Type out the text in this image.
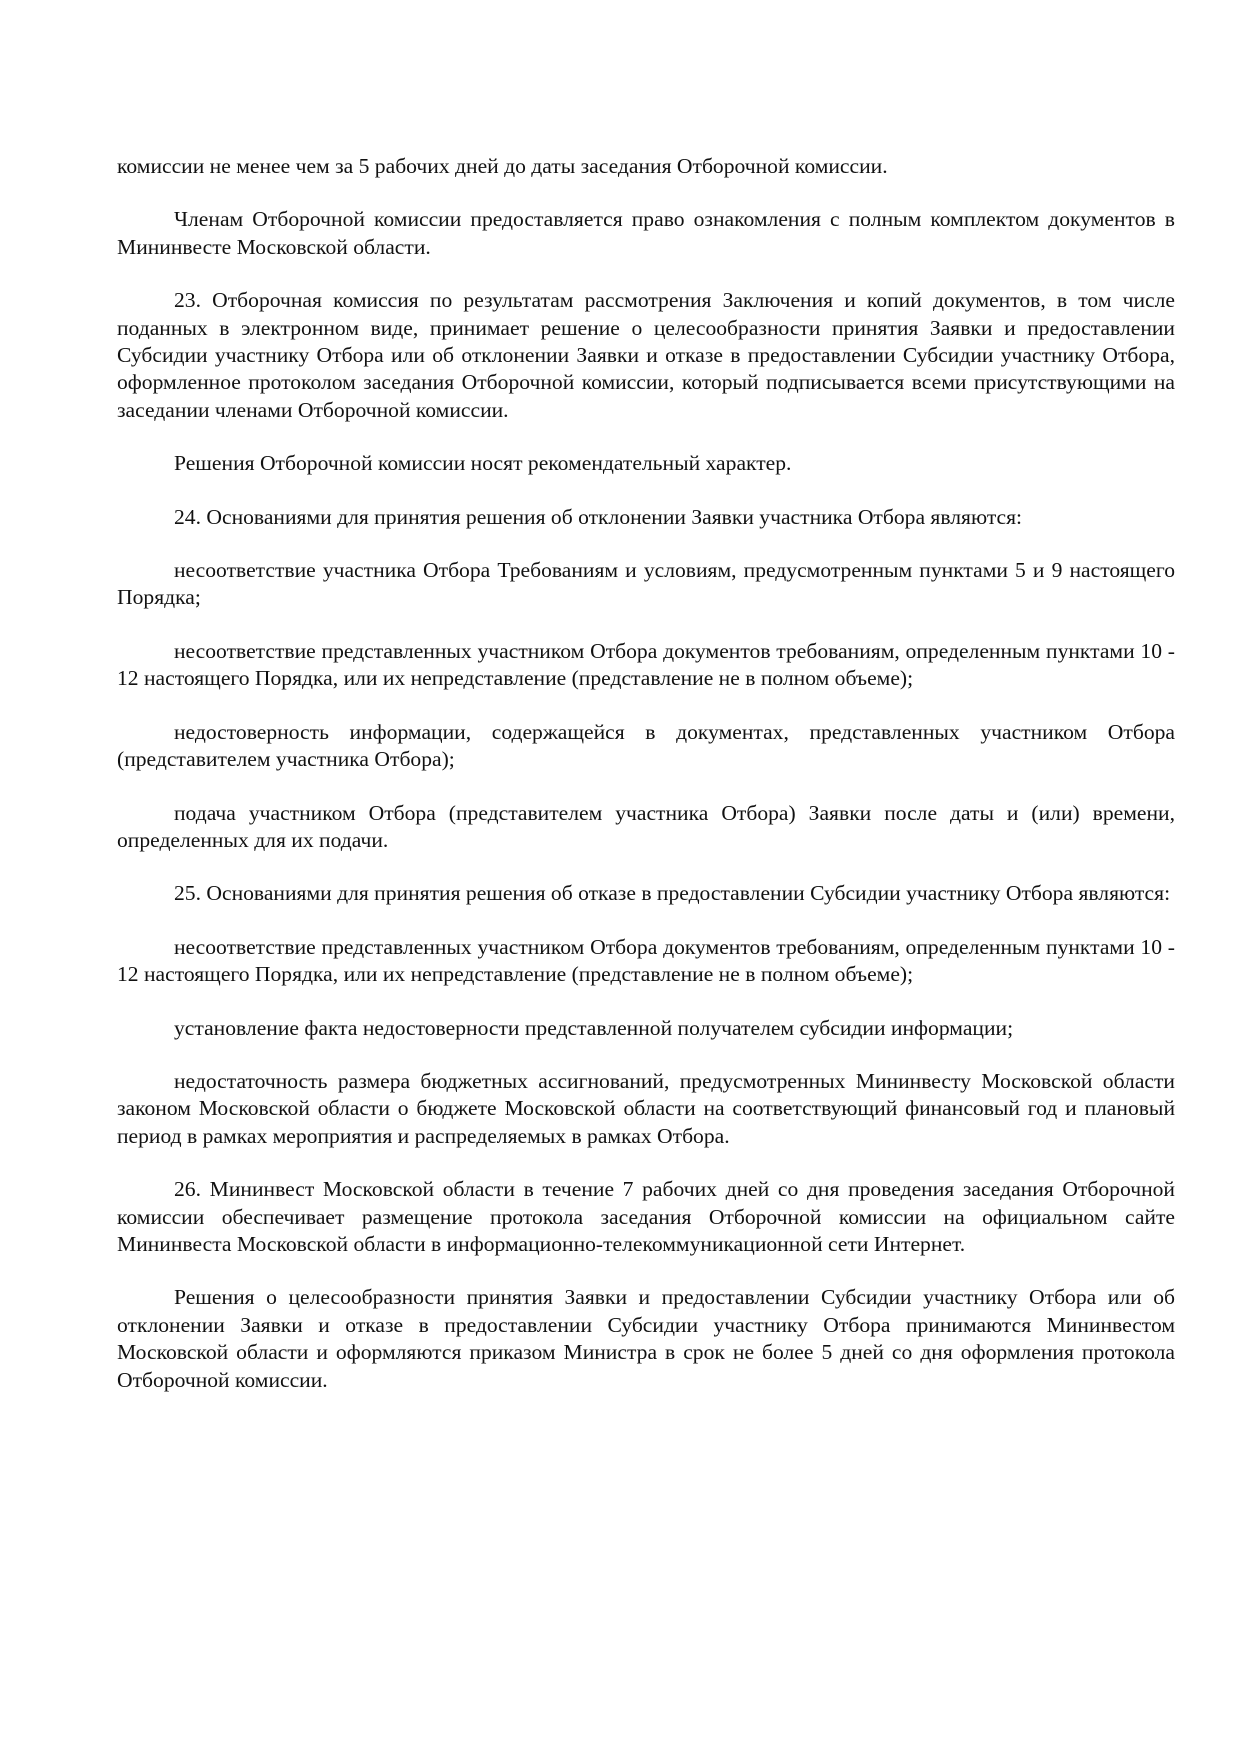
комиссии не менее чем за 5 рабочих дней до даты заседания Отборочной комиссии.

Членам Отборочной комиссии предоставляется право ознакомления с полным комплектом документов в Мининвесте Московской области.

23. Отборочная комиссия по результатам рассмотрения Заключения и копий документов, в том числе поданных в электронном виде, принимает решение о целесообразности принятия Заявки и предоставлении Субсидии участнику Отбора или об отклонении Заявки и отказе в предоставлении Субсидии участнику Отбора, оформленное протоколом заседания Отборочной комиссии, который подписывается всеми присутствующими на заседании членами Отборочной комиссии.

Решения Отборочной комиссии носят рекомендательный характер.

24. Основаниями для принятия решения об отклонении Заявки участника Отбора являются:

несоответствие участника Отбора Требованиям и условиям, предусмотренным пунктами 5 и 9 настоящего Порядка;

несоответствие представленных участником Отбора документов требованиям, определенным пунктами 10 - 12 настоящего Порядка, или их непредставление (представление не в полном объеме);

недостоверность информации, содержащейся в документах, представленных участником Отбора (представителем участника Отбора);

подача участником Отбора (представителем участника Отбора) Заявки после даты и (или) времени, определенных для их подачи.

25. Основаниями для принятия решения об отказе в предоставлении Субсидии участнику Отбора являются:

несоответствие представленных участником Отбора документов требованиям, определенным пунктами 10 - 12 настоящего Порядка, или их непредставление (представление не в полном объеме);

установление факта недостоверности представленной получателем субсидии информации;

недостаточность размера бюджетных ассигнований, предусмотренных Мининвесту Московской области законом Московской области о бюджете Московской области на соответствующий финансовый год и плановый период в рамках мероприятия и распределяемых в рамках Отбора.

26. Мининвест Московской области в течение 7 рабочих дней со дня проведения заседания Отборочной комиссии обеспечивает размещение протокола заседания Отборочной комиссии на официальном сайте Мининвеста Московской области в информационно-телекоммуникационной сети Интернет.

Решения о целесообразности принятия Заявки и предоставлении Субсидии участнику Отбора или об отклонении Заявки и отказе в предоставлении Субсидии участнику Отбора принимаются Мининвестом Московской области и оформляются приказом Министра в срок не более 5 дней со дня оформления протокола Отборочной комиссии.
